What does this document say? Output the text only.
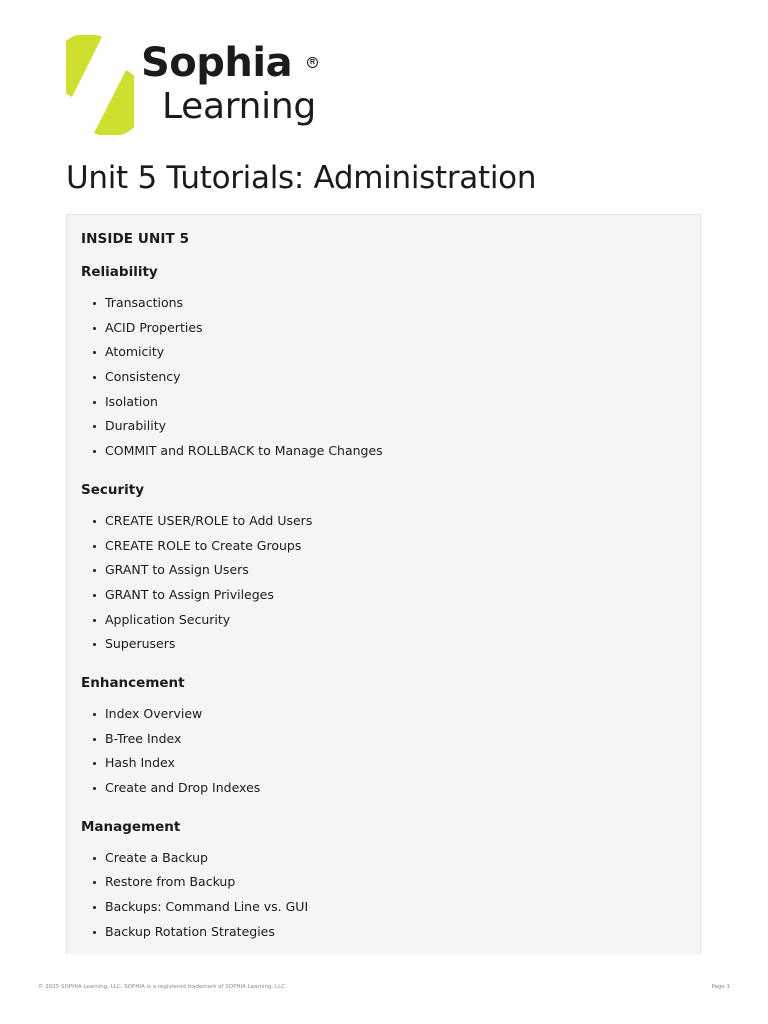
Sophia	R
Learning
Unit 5 Tutorials: Administration
INSIDE UNIT 5
Reliability
Transactions
ACID Properties
Atomicity
Consistency
Isolation
Durability
COMMIT and ROLLBACK to Manage Changes
Security
CREATE USER/ROLE to Add Users
CREATE ROLE to Create Groups
GRANT to Assign Users
GRANT to Assign Privileges
Application Security
Superusers
Enhancement
Index Overview
B-Tree Index
Hash Index
Create and Drop Indexes
Management
Create a Backup
Restore from Backup
Backups: Command Line vs. GUI
Backup Rotation Strategies
© 2025 SOPHIA Learning, LLC. SOPHIA is a registered trademark of SOPHIA Learning, LLC.	Page 1
